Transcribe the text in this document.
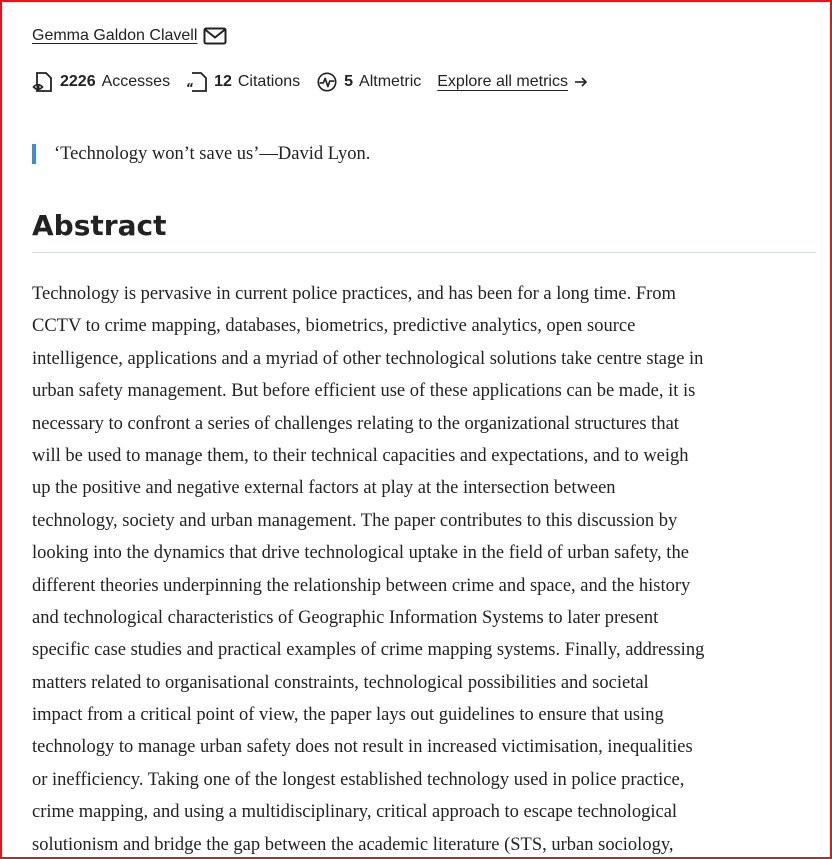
Gemma Galdon Clavell
2226 Accesses “ 12 Citations	5 Altmetric Explore all metrics
‘Technology won’t save us’—David Lyon.
Abstract
Technology is pervasive in current police practices, and has been for a long time. From
CCTV to crime mapping, databases, biometrics, predictive analytics, open source
intelligence, applications and a myriad of other technological solutions take centre stage in
urban safety management. But before efficient use of these applications can be made, it is
necessary to confront a series of challenges relating to the organizational structures that
will be used to manage them, to their technical capacities and expectations, and to weigh
up the positive and negative external factors at play at the intersection between
technology, society and urban management. The paper contributes to this discussion by
looking into the dynamics that drive technological uptake in the field of urban safety, the
different theories underpinning the relationship between crime and space, and the history
and technological characteristics of Geographic Information Systems to later present
specific case studies and practical examples of crime mapping systems. Finally, addressing
matters related to organisational constraints, technological possibilities and societal
impact from a critical point of view, the paper lays out guidelines to ensure that using
technology to manage urban safety does not result in increased victimisation, inequalities
or inefficiency. Taking one of the longest established technology used in police practice,
crime mapping, and using a multidisciplinary, critical approach to escape technological
solutionism and bridge the gap between the academic literature (STS, urban sociology,
